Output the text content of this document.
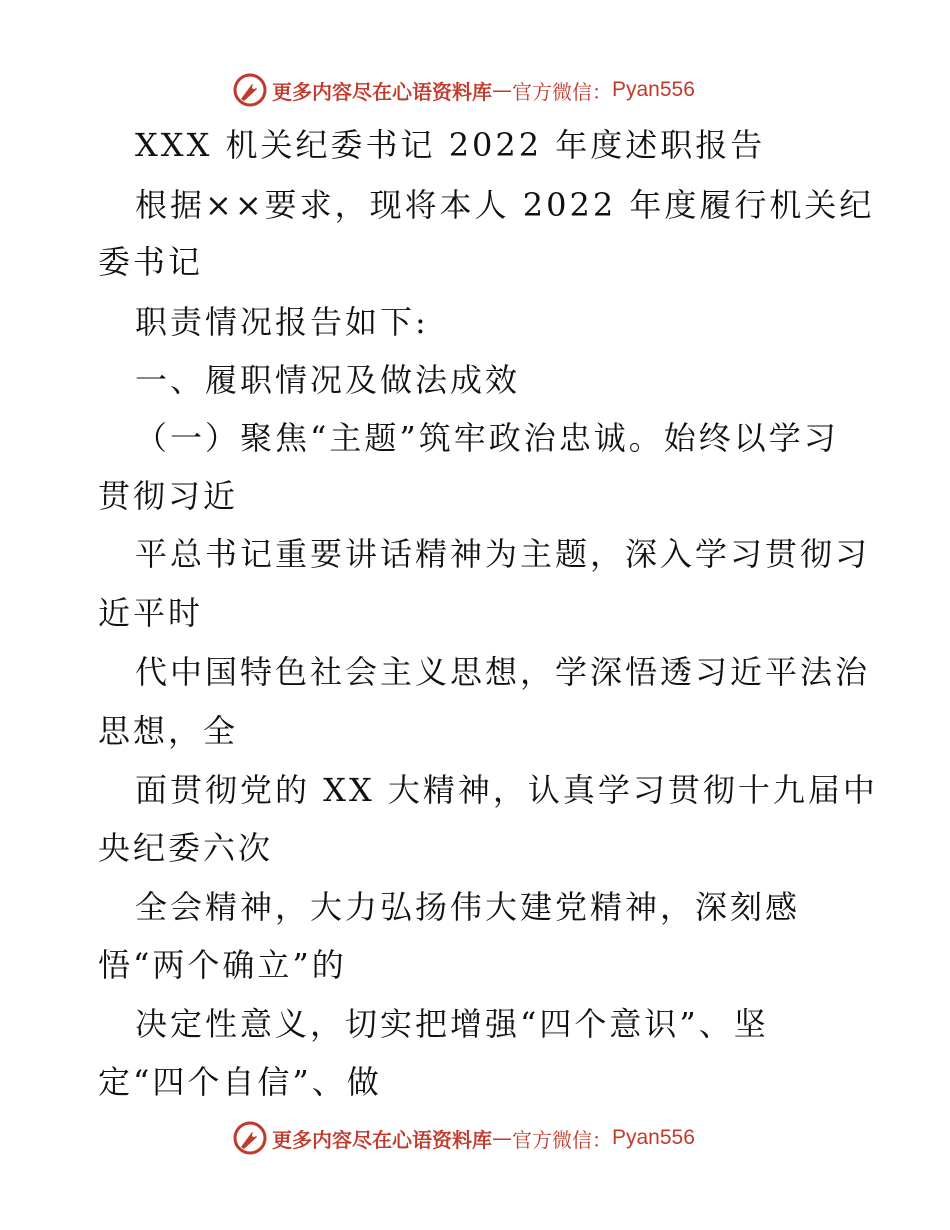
更多内容尽在心语资料库 — 官方微信： Pyan556
XXX 机关纪委书记 2022 年度述职报告
根据××要求，现将本人 2022 年度履行机关纪
委书记
职责情况报告如下:
一、履职情况及做法成效
（一）聚焦“主题”筑牢政治忠诚。始终以学习
贯彻习近
平总书记重要讲话精神为主题，深入学习贯彻习
近平时
代中国特色社会主义思想，学深悟透习近平法治
思想，全
面贯彻党的 XX 大精神，认真学习贯彻十九届中
央纪委六次
全会精神，大力弘扬伟大建党精神，深刻感
悟“两个确立”的
决定性意义，切实把增强“四个意识”、坚
定“四个自信”、做
更多内容尽在心语资料库 — 官方微信： Pyan556
